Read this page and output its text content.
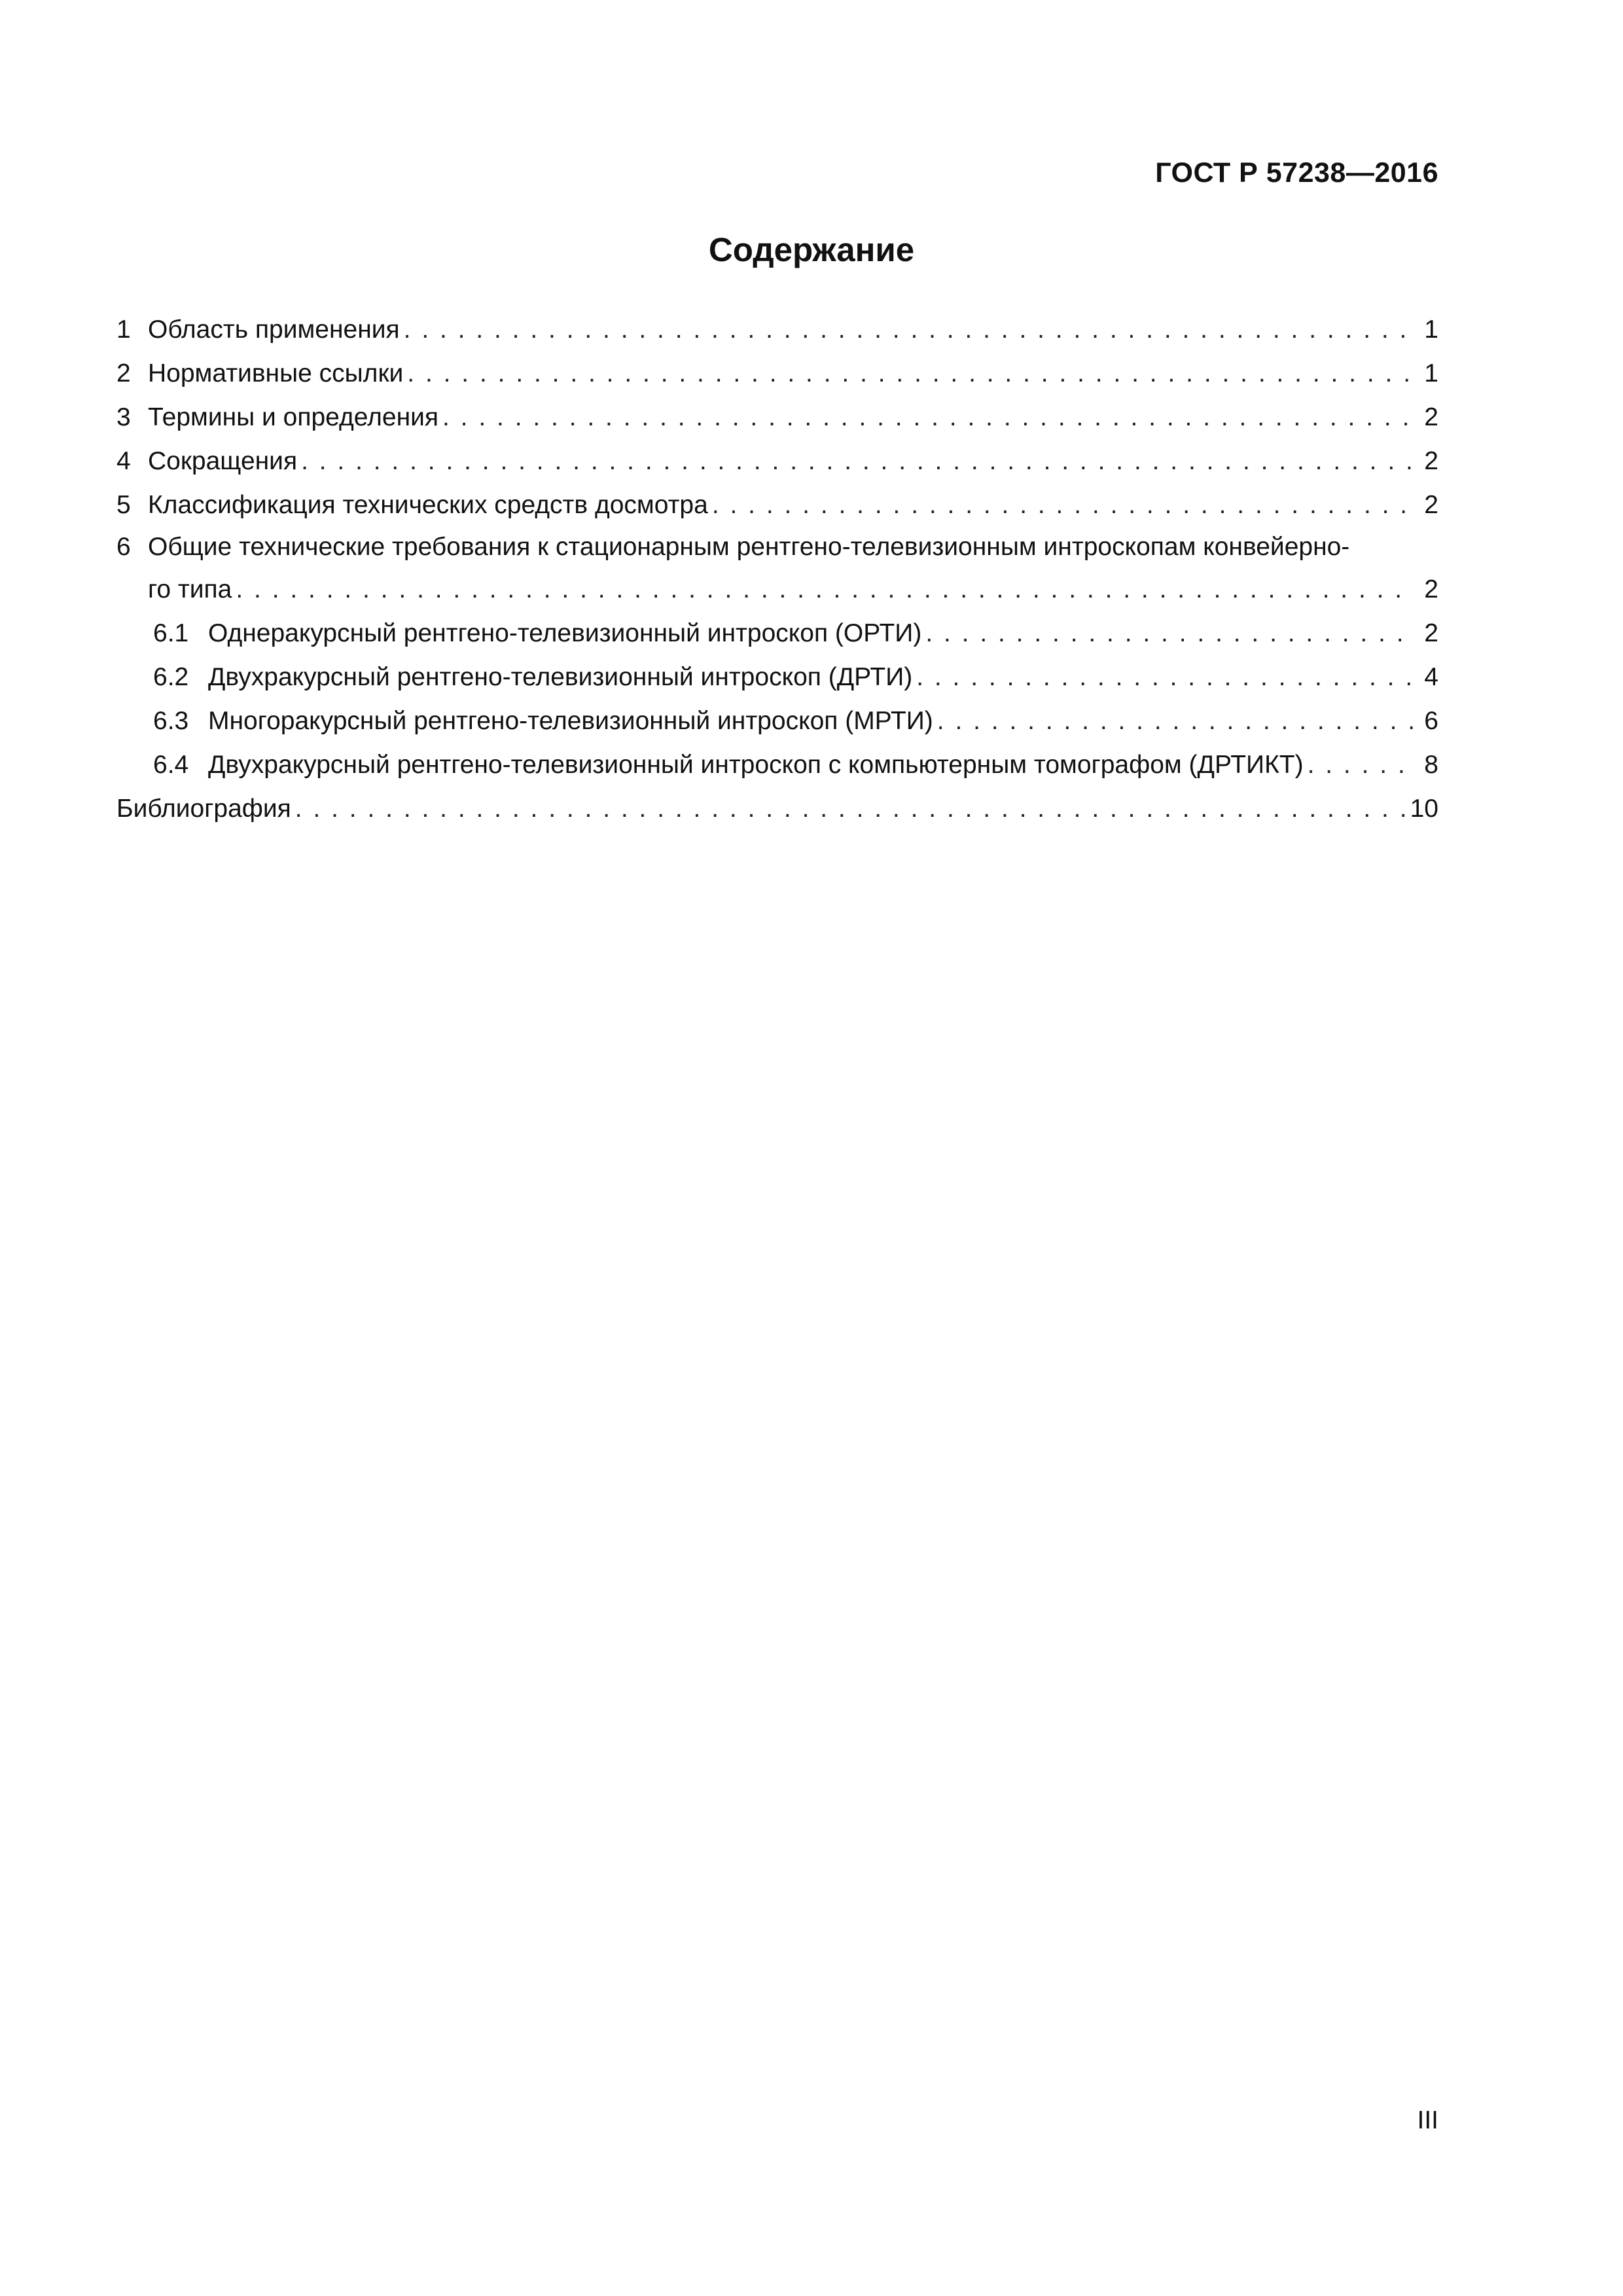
ГОСТ Р 57238—2016
Содержание
1 Область применения . . .	1
2 Нормативные ссылки . . .	1
3 Термины и определения . . .	2
4 Сокращения . . .	2
5 Классификация технических средств досмотра . . .	2
6 Общие технические требования к стационарным рентгено-телевизионным интроскопам конвейерно-
го типа . . .	2
6.1 Однеракурсный рентгено-телевизионный интроскоп (ОРТИ) . . .	2
6.2 Двухракурсный рентгено-телевизионный интроскоп (ДРТИ) . . .	4
6.3 Многоракурсный рентгено-телевизионный интроскоп (МРТИ) . . .	6
6.4 Двухракурсный рентгено-телевизионный интроскоп с компьютерным томографом (ДРТИКТ) . . .	8
Библиография . . .	10
III
